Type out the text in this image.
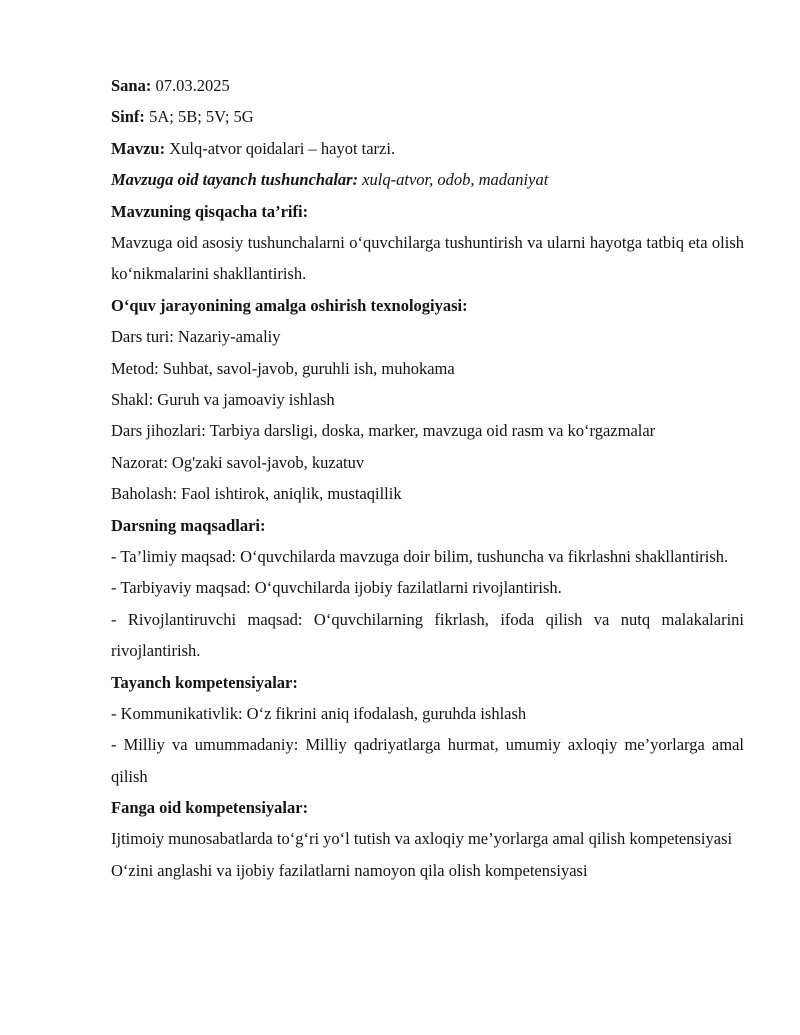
Sana: 07.03.2025
Sinf: 5A; 5B; 5V; 5G
Mavzu: Xulq-atvor qoidalari – hayot tarzi.
Mavzuga oid tayanch tushunchalar: xulq-atvor, odob, madaniyat
Mavzuning qisqacha ta’rifi:
Mavzuga oid asosiy tushunchalarni o‘quvchilarga tushuntirish va ularni hayotga tatbiq eta olish ko‘nikmalarini shakllantirish.
O‘quv jarayonining amalga oshirish texnologiyasi:
Dars turi: Nazariy-amaliy
Metod: Suhbat, savol-javob, guruhli ish, muhokama
Shakl: Guruh va jamoaviy ishlash
Dars jihozlari: Tarbiya darsligi, doska, marker, mavzuga oid rasm va ko‘rgazmalar
Nazorat: Og'zaki savol-javob, kuzatuv
Baholash: Faol ishtirok, aniqlik, mustaqillik
Darsning maqsadlari:
- Ta’limiy maqsad: O‘quvchilarda mavzuga doir bilim, tushuncha va fikrlashni shakllantirish.
- Tarbiyaviy maqsad: O‘quvchilarda ijobiy fazilatlarni rivojlantirish.
- Rivojlantiruvchi maqsad: O‘quvchilarning fikrlash, ifoda qilish va nutq malakalarini rivojlantirish.
Tayanch kompetensiyalar:
- Kommunikativlik: O‘z fikrini aniq ifodalash, guruhda ishlash
- Milliy va umummadaniy: Milliy qadriyatlarga hurmat, umumiy axloqiy me’yorlarga amal qilish
Fanga oid kompetensiyalar:
Ijtimoiy munosabatlarda to‘g‘ri yo‘l tutish va axloqiy me’yorlarga amal qilish kompetensiyasi
O‘zini anglashi va ijobiy fazilatlarni namoyon qila olish kompetensiyasi
